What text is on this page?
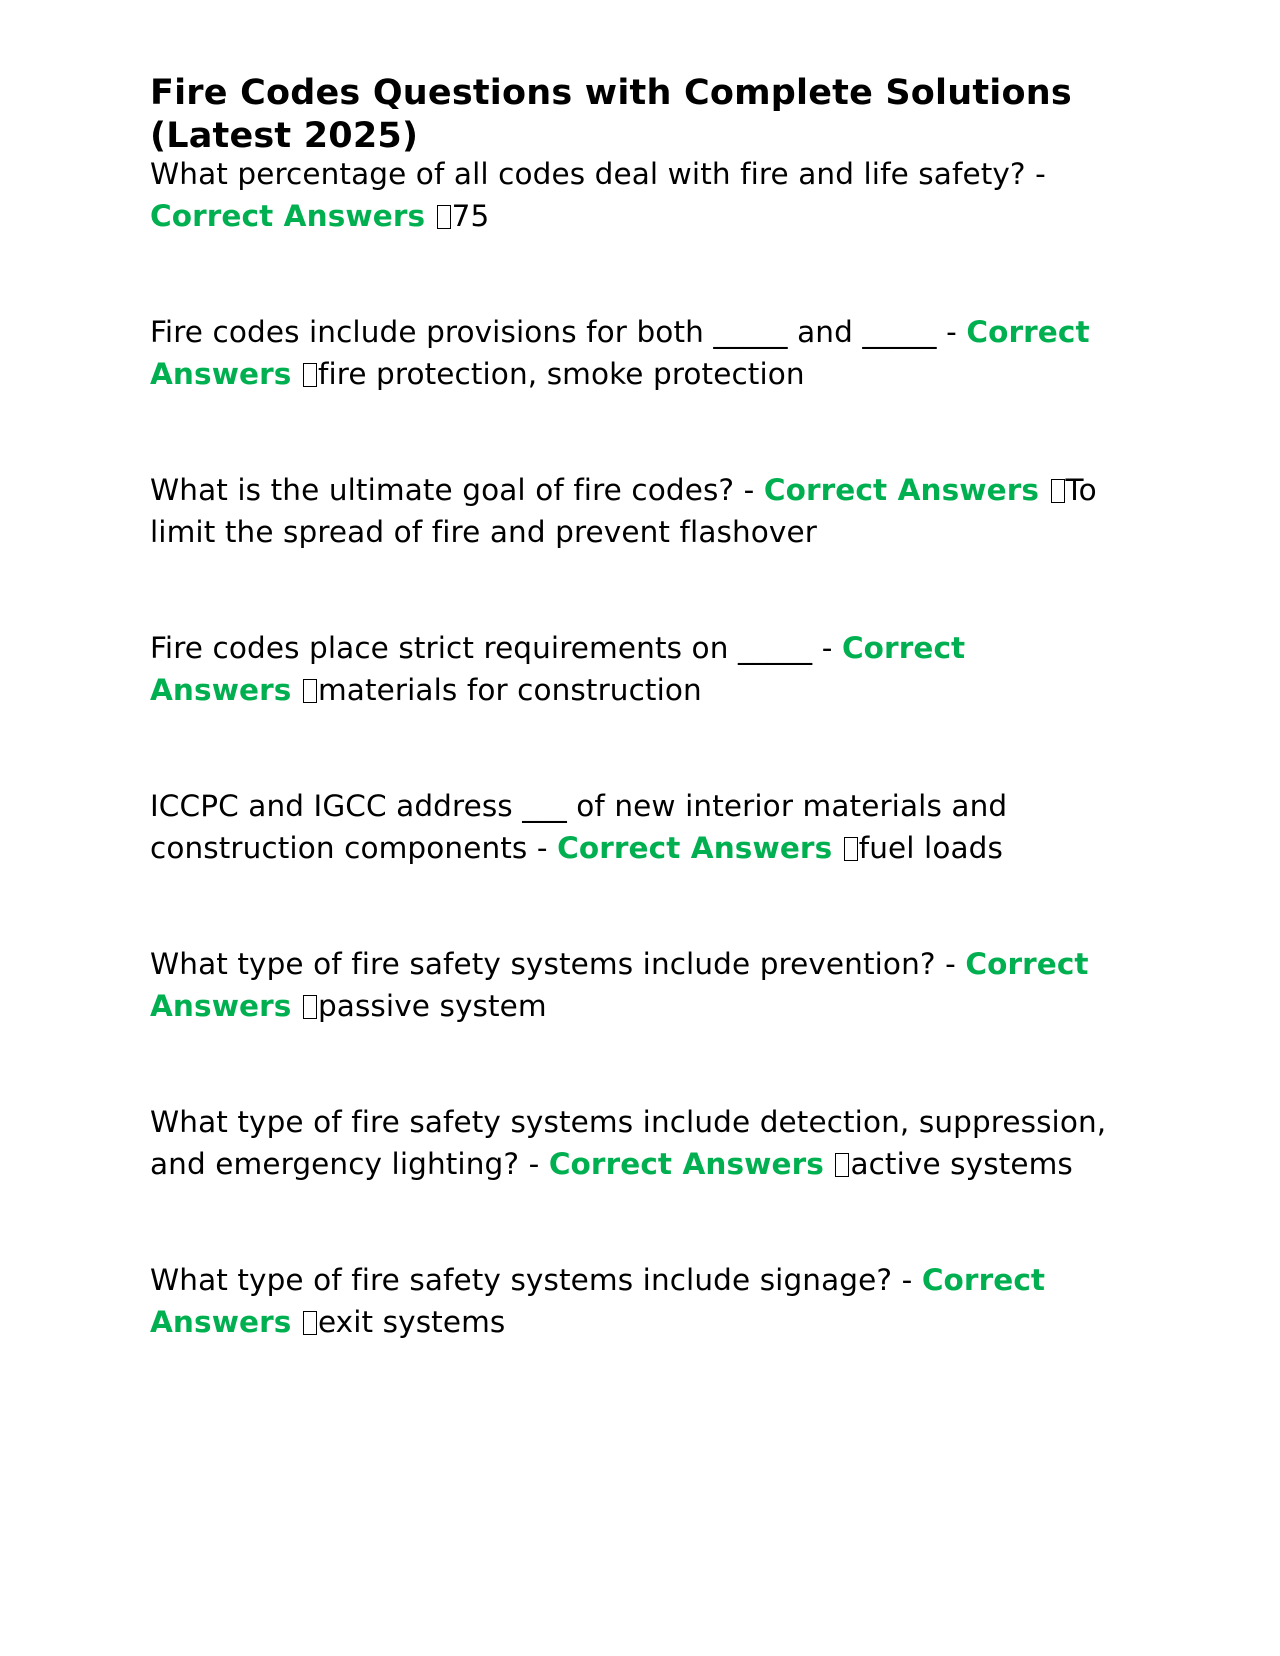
Fire Codes Questions with Complete Solutions (Latest 2025)

What percentage of all codes deal with fire and life safety? - Correct Answers 75

Fire codes include provisions for both _____ and _____ - Correct Answers fire protection, smoke protection

What is the ultimate goal of fire codes? - Correct Answers To limit the spread of fire and prevent flashover

Fire codes place strict requirements on _____ - Correct Answers materials for construction

ICCPC and IGCC address ___ of new interior materials and construction components - Correct Answers fuel loads

What type of fire safety systems include prevention? - Correct Answers passive system

What type of fire safety systems include detection, suppression, and emergency lighting? - Correct Answers active systems

What type of fire safety systems include signage? - Correct Answers exit systems
